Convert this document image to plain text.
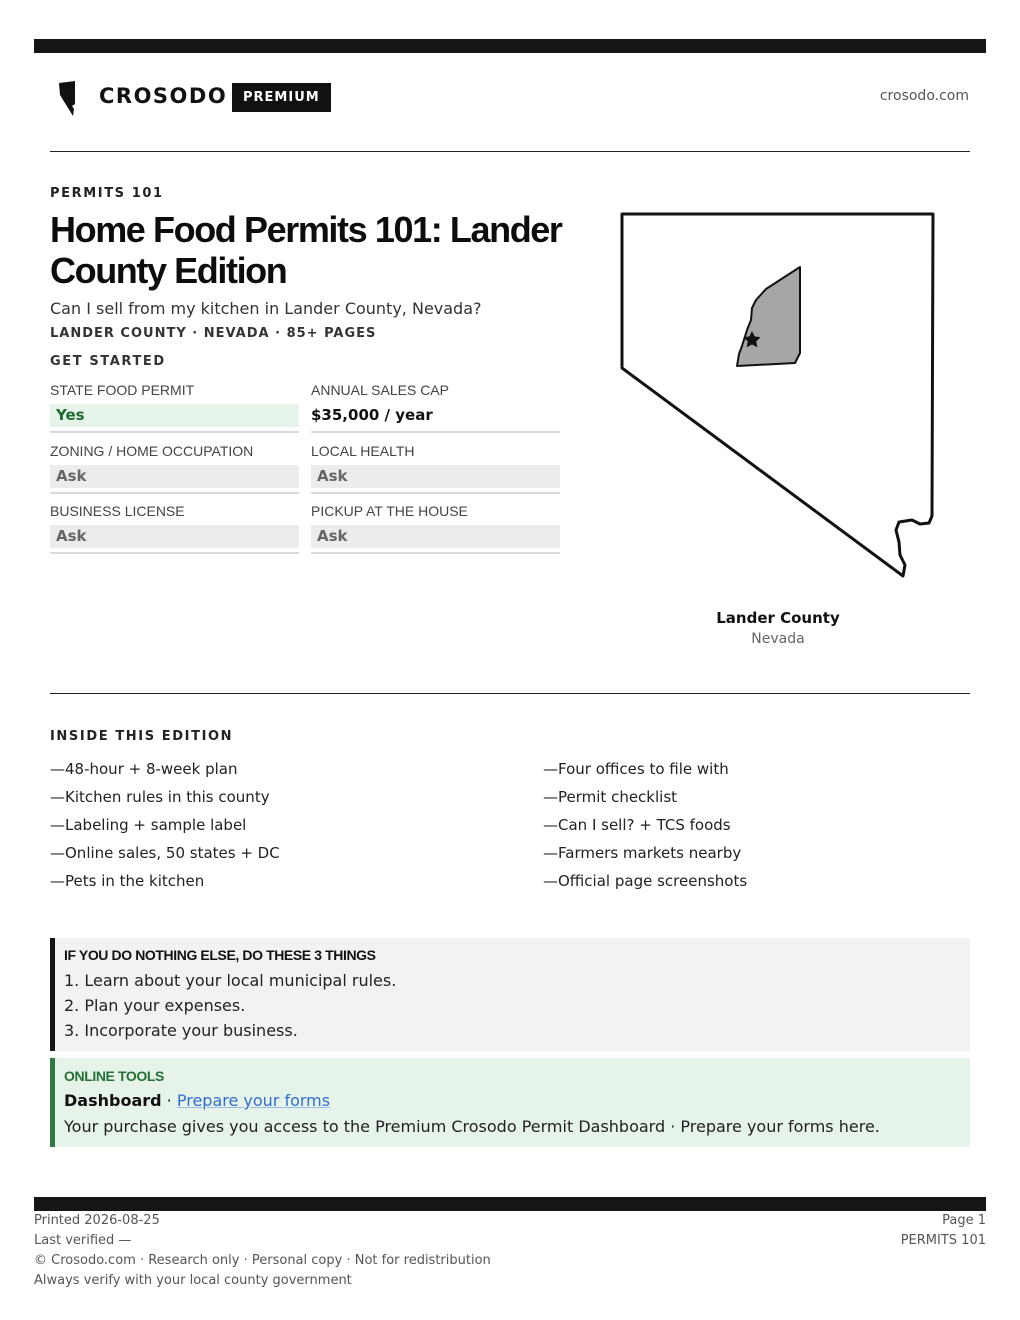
CROSODO	PREMIUM	crosodo.com
PERMITS 101
Home Food Permits 101: Lander County Edition
Can I sell from my kitchen in Lander County, Nevada?
LANDER COUNTY · NEVADA · 85+ PAGES
GET STARTED
STATE FOOD PERMIT
Yes
ANNUAL SALES CAP
$35,000 / year
ZONING / HOME OCCUPATION
Ask
LOCAL HEALTH
Ask
BUSINESS LICENSE
Ask
PICKUP AT THE HOUSE
Ask
Lander County
Nevada
INSIDE THIS EDITION
—48-hour + 8-week plan
—Kitchen rules in this county
—Labeling + sample label
—Online sales, 50 states + DC
—Pets in the kitchen
—Four offices to file with
—Permit checklist
—Can I sell? + TCS foods
—Farmers markets nearby
—Official page screenshots
IF YOU DO NOTHING ELSE, DO THESE 3 THINGS
1. Learn about your local municipal rules.
2. Plan your expenses.
3. Incorporate your business.
ONLINE TOOLS
Dashboard · Prepare your forms
Your purchase gives you access to the Premium Crosodo Permit Dashboard · Prepare your forms here.
Printed 2026-08-25
Last verified —
© Crosodo.com · Research only · Personal copy · Not for redistribution
Always verify with your local county government
Page 1
PERMITS 101
